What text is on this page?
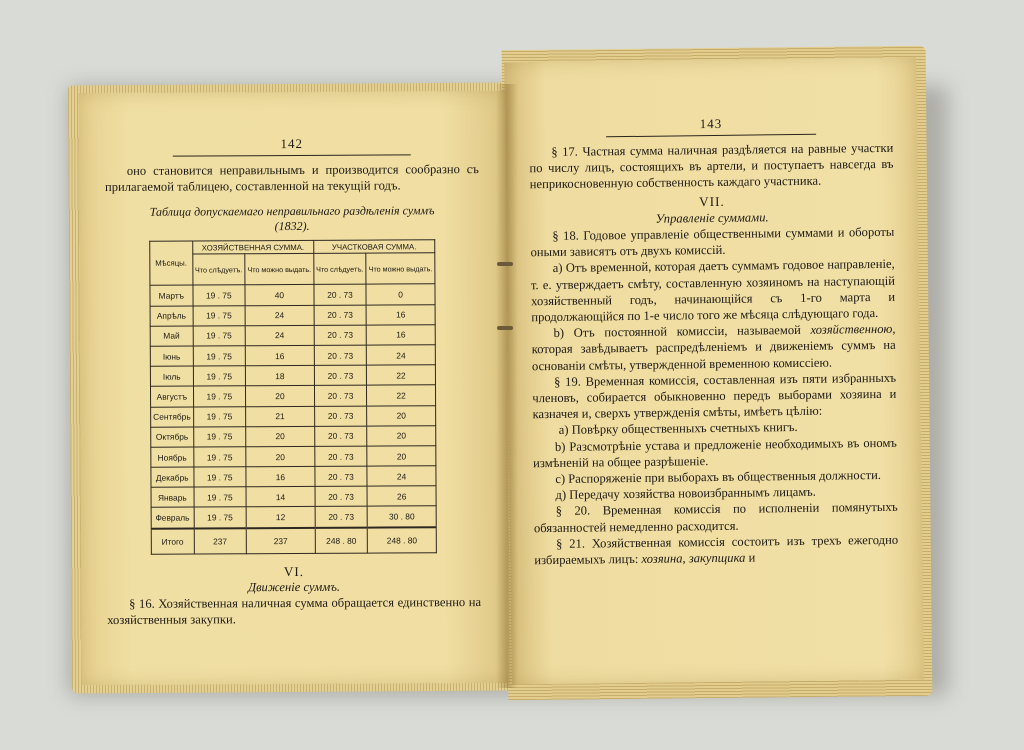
142

оно становится неправильнымъ и производится сообразно съ прилагаемой таблицею, составленной на текущій годъ.

Таблица допускаемаго неправильнаго раздѣленія суммъ
(1832).
Мѣсяцы.	ХОЗЯЙСТВЕННАЯ СУММА.		УЧАСТКОВАЯ СУММА.	
	Что слѣдуетъ.	Что можно выдать.	Что слѣдуетъ.	Что можно выдать.
Мартъ	19 . 75	40	20 . 73	0
Апрѣль	19 . 75	24	20 . 73	16
Май	19 . 75	24	20 . 73	16
Іюнь	19 . 75	16	20 . 73	24
Іюль	19 . 75	18	20 . 73	22
Августъ	19 . 75	20	20 . 73	22
Сентябрь	19 . 75	21	20 . 73	20
Октябрь	19 . 75	20	20 . 73	20
Ноябрь	19 . 75	20	20 . 73	20
Декабрь	19 . 75	16	20 . 73	24
Январь	19 . 75	14	20 . 73	26
Февраль	19 . 75	12	20 . 73	30 . 80
Итого	237	237	248 . 80	248 . 80
VI.
Движеніе суммъ.

§ 16. Хозяйственная наличная сумма обращается единственно на хозяйственныя закупки.

143

§ 17. Частная сумма наличная раздѣляется на равные участки по числу лицъ, состоящихъ въ артели, и поступаетъ навсегда въ неприкосновенную собственность каждаго участника.

VII.
Управленіе суммами.

§ 18. Годовое управленіе общественными суммами и обороты оными зависятъ отъ двухъ комиссій.

а) Отъ временной, которая даетъ суммамъ годовое направленіе, т. е. утверждаетъ смѣту, составленную хозяиномъ на наступающій хозяйственный годъ, начинающійся съ 1-го марта и продолжающійся по 1-е число того же мѣсяца слѣдующаго года.

b) Отъ постоянной комиссіи, называемой хозяйственною, которая завѣдываетъ распредѣленіемъ и движеніемъ суммъ на основаніи смѣты, утвержденной временною комиссіею.

§ 19. Временная комиссія, составленная изъ пяти избранныхъ членовъ, собирается обыкновенно передъ выборами хозяина и казначея и, сверхъ утвержденія смѣты, имѣетъ цѣлію:

а) Повѣрку общественныхъ счетныхъ книгъ.

b) Разсмотрѣніе устава и предложеніе необходимыхъ въ ономъ измѣненій на общее разрѣшеніе.

с) Распоряженіе при выборахъ въ общественныя должности.

д) Передачу хозяйства новоизбраннымъ лицамъ.

§ 20. Временная комиссія по исполненіи помянутыхъ обязанностей немедленно расходится.

§ 21. Хозяйственная комиссія состоитъ изъ трехъ ежегодно избираемыхъ лицъ: хозяина, закупщика и
